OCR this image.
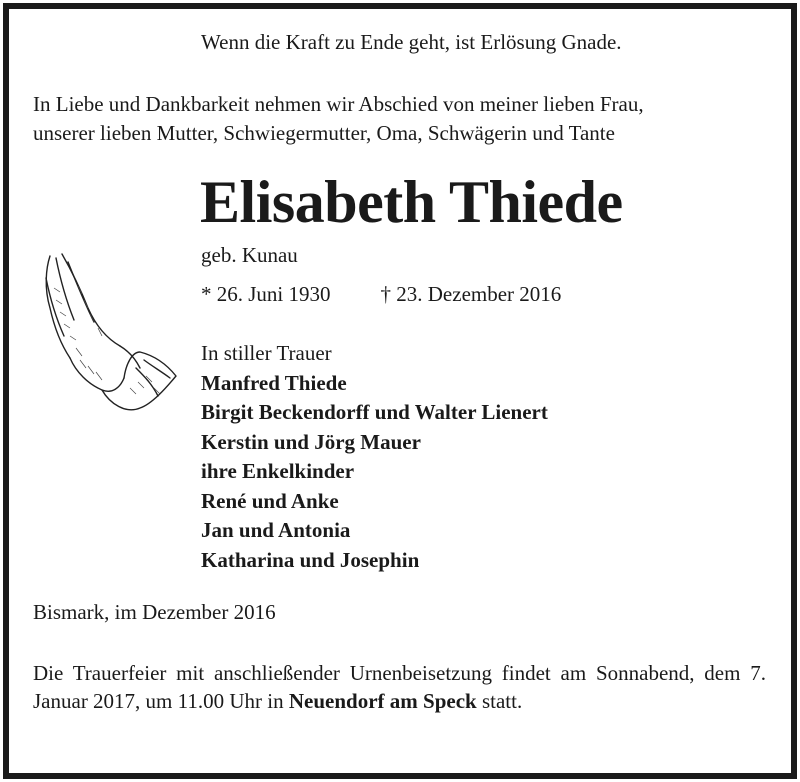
Wenn die Kraft zu Ende geht, ist Erlösung Gnade.
In Liebe und Dankbarkeit nehmen wir Abschied von meiner lieben Frau,
unserer lieben Mutter, Schwiegermutter, Oma, Schwägerin und Tante
Elisabeth Thiede
geb. Kunau
* 26. Juni 1930 † 23. Dezember 2016
In stiller Trauer
Manfred Thiede
Birgit Beckendorff und Walter Lienert
Kerstin und Jörg Mauer
ihre Enkelkinder
René und Anke
Jan und Antonia
Katharina und Josephin
Bismark, im Dezember 2016
Die Trauerfeier mit anschließender Urnenbeisetzung findet am Sonnabend, dem 7. Januar 2017, um 11.00 Uhr in Neuendorf am Speck statt.
